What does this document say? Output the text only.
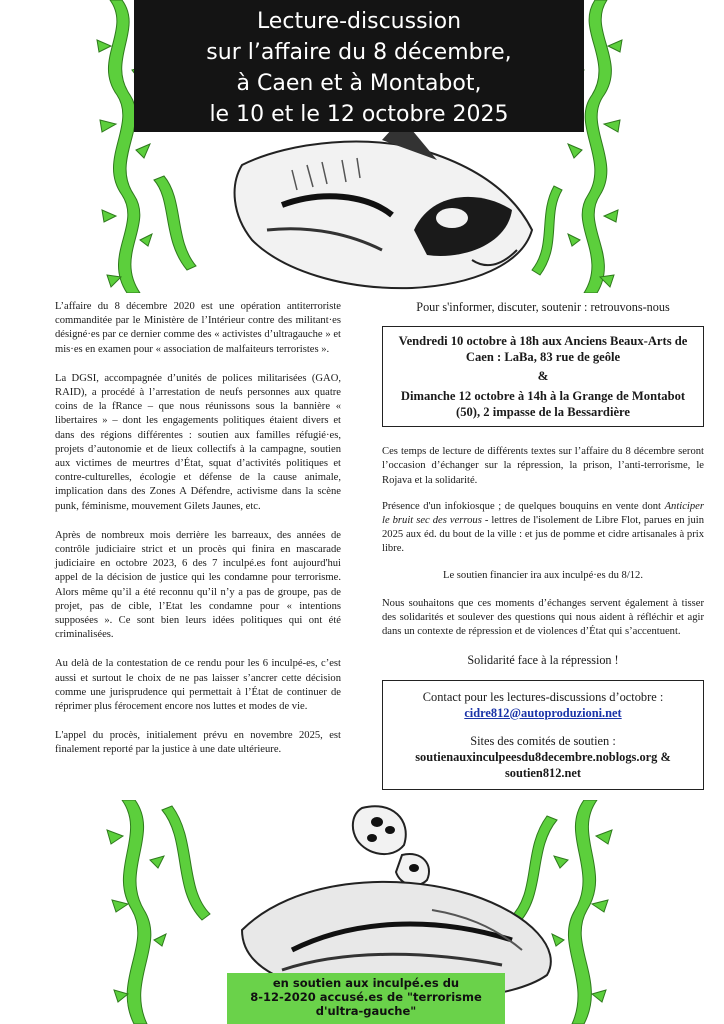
Lecture-discussion
sur l’affaire du 8 décembre,
à Caen et à Montabot,
le 10 et le 12 octobre 2025

L’affaire du 8 décembre 2020 est une opération antiterroriste commanditée par le Ministère de l’Intérieur contre des militant·es désigné·es par ce dernier comme des « activistes d’ultragauche » et mis·es en examen pour « association de malfaiteurs terroristes ».

La DGSI, accompagnée d’unités de polices militarisées (GAO, RAID), a procédé à l’arrestation de neufs personnes aux quatre coins de la fRance – que nous réunissons sous la bannière « libertaires » – dont les engagements politiques étaient divers et dans des régions différentes : soutien aux familles réfugié·es, projets d’autonomie et de lieux collectifs à la campagne, soutien aux victimes de meurtres d’État, squat d’activités politiques et contre-culturelles, écologie et défense de la cause animale, implication dans des Zones A Défendre, activisme dans la scène punk, féminisme, mouvement Gilets Jaunes, etc.

Après de nombreux mois derrière les barreaux, des années de contrôle judiciaire strict et un procès qui finira en mascarade judiciaire en octobre 2023, 6 des 7 inculpé.es font aujourd'hui appel de la décision de justice qui les condamne pour terrorisme. Alors même qu’il a été reconnu qu’il n’y a pas de groupe, pas de projet, pas de cible, l’Etat les condamne pour « intentions supposées ». Ce sont bien leurs idées politiques qui ont été criminalisées.

Au delà de la contestation de ce rendu pour les 6 inculpé-es, c’est aussi et surtout le choix de ne pas laisser s’ancrer cette décision comme une jurisprudence qui permettait à l’État de continuer de réprimer plus férocement encore nos luttes et modes de vie.

L'appel du procès, initialement prévu en novembre 2025, est finalement reporté par la justice à une date ultérieure.

Pour s'informer, discuter, soutenir : retrouvons-nous

Vendredi 10 octobre à 18h aux Anciens Beaux-Arts de Caen : LaBa, 83 rue de geôle
&
Dimanche 12 octobre à 14h à la Grange de Montabot (50), 2 impasse de la Bessardière

Ces temps de lecture de différents textes sur l’affaire du 8 décembre seront l’occasion d’échanger sur la répression, la prison, l’anti-terrorisme, le Rojava et la solidarité.

Présence d'un infokiosque ; de quelques bouquins en vente dont Anticiper le bruit sec des verrous - lettres de l'isolement de Libre Flot, parues en juin 2025 aux éd. du bout de la ville : et jus de pomme et cidre artisanales à prix libre.

Le soutien financier ira aux inculpé·es du 8/12.

Nous souhaitons que ces moments d’échanges servent également à tisser des solidarités et soulever des questions qui nous aident à réfléchir et agir dans un contexte de répression et de violences d’État qui s’accentuent.

Solidarité face à la répression !
Contact pour les lectures-discussions d’octobre :
cidre812@autoproduzioni.net
Sites des comités de soutien :
soutienauxinculpeesdu8decembre.noblogs.org &
soutien812.net
en soutien aux inculpé.es du
8-12-2020 accusé.es de "terrorisme
d'ultra-gauche"
